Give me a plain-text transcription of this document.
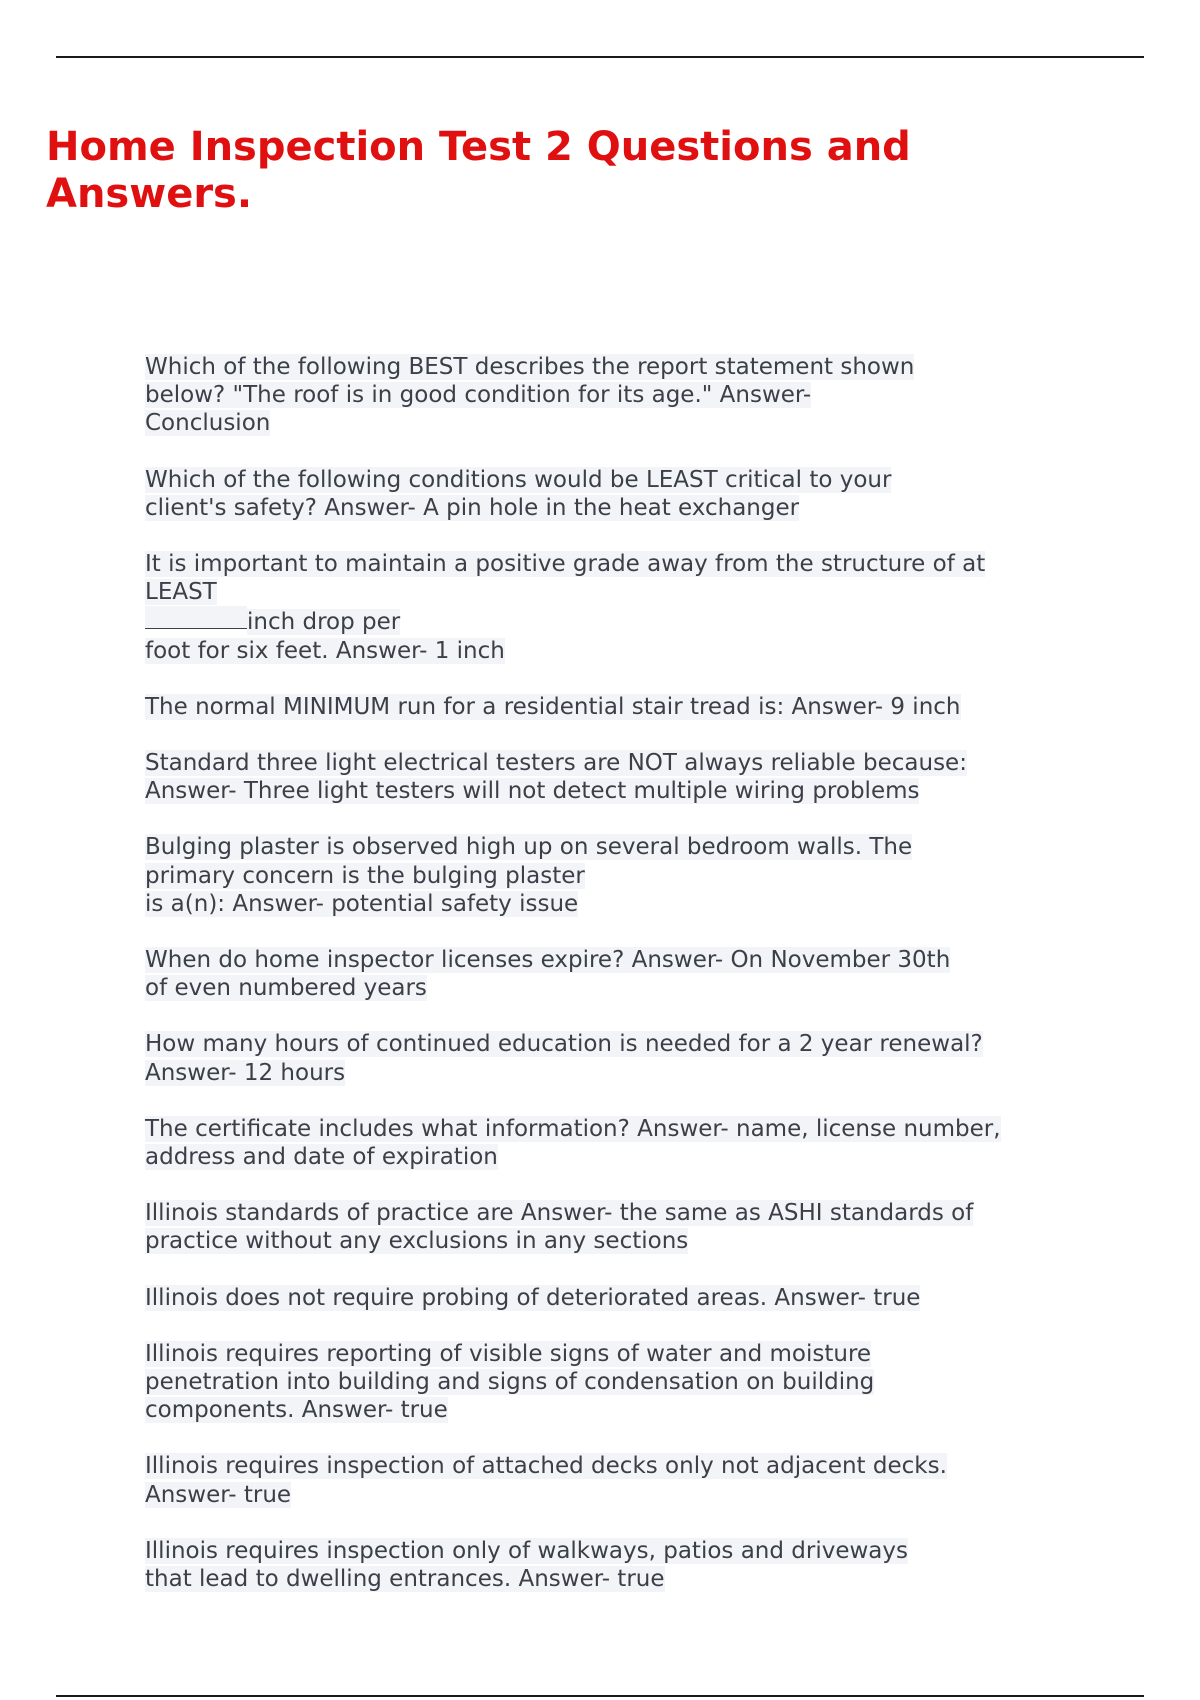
Home Inspection Test 2 Questions and Answers.

Which of the following BEST describes the report statement shown
below? "The roof is in good condition for its age." Answer-
Conclusion

Which of the following conditions would be LEAST critical to your
client's safety? Answer- A pin hole in the heat exchanger

It is important to maintain a positive grade away from the structure of at
LEAST
inch drop per
foot for six feet. Answer- 1 inch

The normal MINIMUM run for a residential stair tread is: Answer- 9 inch

Standard three light electrical testers are NOT always reliable because:
Answer- Three light testers will not detect multiple wiring problems

Bulging plaster is observed high up on several bedroom walls. The
primary concern is the bulging plaster
is a(n): Answer- potential safety issue

When do home inspector licenses expire? Answer- On November 30th
of even numbered years

How many hours of continued education is needed for a 2 year renewal?
Answer- 12 hours

The certificate includes what information? Answer- name, license number,
address and date of expiration

Illinois standards of practice are Answer- the same as ASHI standards of
practice without any exclusions in any sections

Illinois does not require probing of deteriorated areas. Answer- true

Illinois requires reporting of visible signs of water and moisture
penetration into building and signs of condensation on building
components. Answer- true

Illinois requires inspection of attached decks only not adjacent decks.
Answer- true

Illinois requires inspection only of walkways, patios and driveways
that lead to dwelling entrances. Answer- true
